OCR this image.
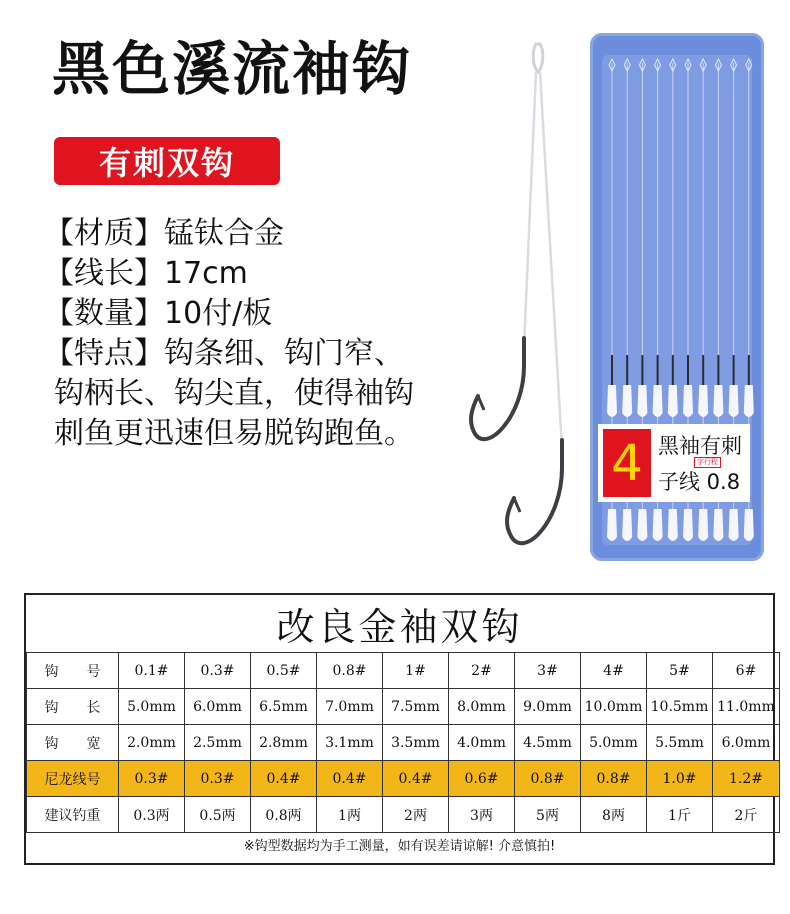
黑色溪流袖钩
有刺双钩
【材质】锰钛合金
【线长】17cm
【数量】10付/板
【特点】钩条细、钩门窄、钩柄长、钩尖直，使得袖钩刺鱼更迅速但易脱钩跑鱼。
4 黑袖有刺
字行程
子线 0.8
改良金袖双钩
钩　　号	0.1#	0.3#	0.5#	0.8#	1#	2#	3#	4#	5#	6#
钩　　长	5.0mm	6.0mm	6.5mm	7.0mm	7.5mm	8.0mm	9.0mm	10.0mm	10.5mm	11.0mm
钩　　宽	2.0mm	2.5mm	2.8mm	3.1mm	3.5mm	4.0mm	4.5mm	5.0mm	5.5mm	6.0mm
尼龙线号	0.3#	0.3#	0.4#	0.4#	0.4#	0.6#	0.8#	0.8#	1.0#	1.2#
建议钓重	0.3两	0.5两	0.8两	1两	2两	3两	5两	8两	1斤	2斤
※钩型数据均为手工测量，如有误差请谅解! 介意慎拍!
